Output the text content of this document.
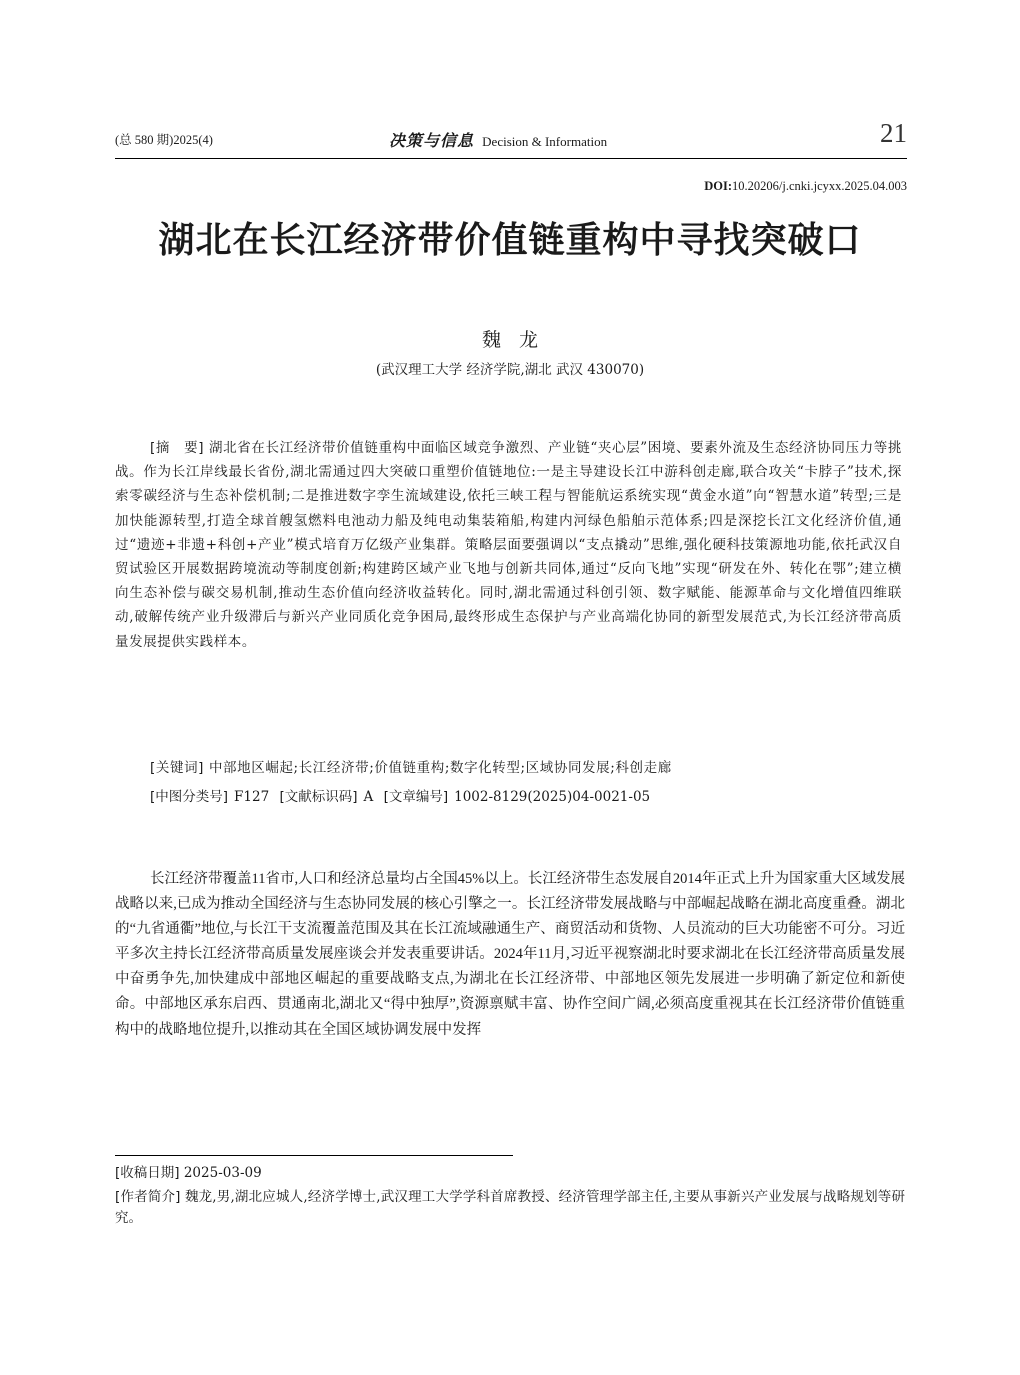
(总 580 期)2025(4)	决策与信息 Decision & Information	21
DOI:10.20206/j.cnki.jcyxx.2025.04.003
湖北在长江经济带价值链重构中寻找突破口
魏龙
(武汉理工大学 经济学院,湖北 武汉 430070)
[摘　要] 湖北省在长江经济带价值链重构中面临区域竞争激烈、产业链“夹心层”困境、要素外流及生态经济协同压力等挑战。作为长江岸线最长省份,湖北需通过四大突破口重塑价值链地位:一是主导建设长江中游科创走廊,联合攻关“卡脖子”技术,探索零碳经济与生态补偿机制;二是推进数字孪生流域建设,依托三峡工程与智能航运系统实现“黄金水道”向“智慧水道”转型;三是加快能源转型,打造全球首艘氢燃料电池动力船及纯电动集装箱船,构建内河绿色船舶示范体系;四是深挖长江文化经济价值,通过“遗迹+非遗+科创+产业”模式培育万亿级产业集群。策略层面要强调以“支点撬动”思维,强化硬科技策源地功能,依托武汉自贸试验区开展数据跨境流动等制度创新;构建跨区域产业飞地与创新共同体,通过“反向飞地”实现“研发在外、转化在鄂”;建立横向生态补偿与碳交易机制,推动生态价值向经济收益转化。同时,湖北需通过科创引领、数字赋能、能源革命与文化增值四维联动,破解传统产业升级滞后与新兴产业同质化竞争困局,最终形成生态保护与产业高端化协同的新型发展范式,为长江经济带高质量发展提供实践样本。
[关键词] 中部地区崛起;长江经济带;价值链重构;数字化转型;区域协同发展;科创走廊
[中图分类号] F127 [文献标识码] A [文章编号] 1002-8129(2025)04-0021-05
长江经济带覆盖11省市,人口和经济总量均占全国45%以上。长江经济带生态发展自2014年正式上升为国家重大区域发展战略以来,已成为推动全国经济与生态协同发展的核心引擎之一。长江经济带发展战略与中部崛起战略在湖北高度重叠。湖北的“九省通衢”地位,与长江干支流覆盖范围及其在长江流域融通生产、商贸活动和货物、人员流动的巨大功能密不可分。习近平多次主持长江经济带高质量发展座谈会并发表重要讲话。2024年11月,习近平视察湖北时要求湖北在长江经济带高质量发展中奋勇争先,加快建成中部地区崛起的重要战略支点,为湖北在长江经济带、中部地区领先发展进一步明确了新定位和新使命。中部地区承东启西、贯通南北,湖北又“得中独厚”,资源禀赋丰富、协作空间广阔,必须高度重视其在长江经济带价值链重构中的战略地位提升,以推动其在全国区域协调发展中发挥
[收稿日期] 2025-03-09
[作者简介] 魏龙,男,湖北应城人,经济学博士,武汉理工大学学科首席教授、经济管理学部主任,主要从事新兴产业发展与战略规划等研究。
